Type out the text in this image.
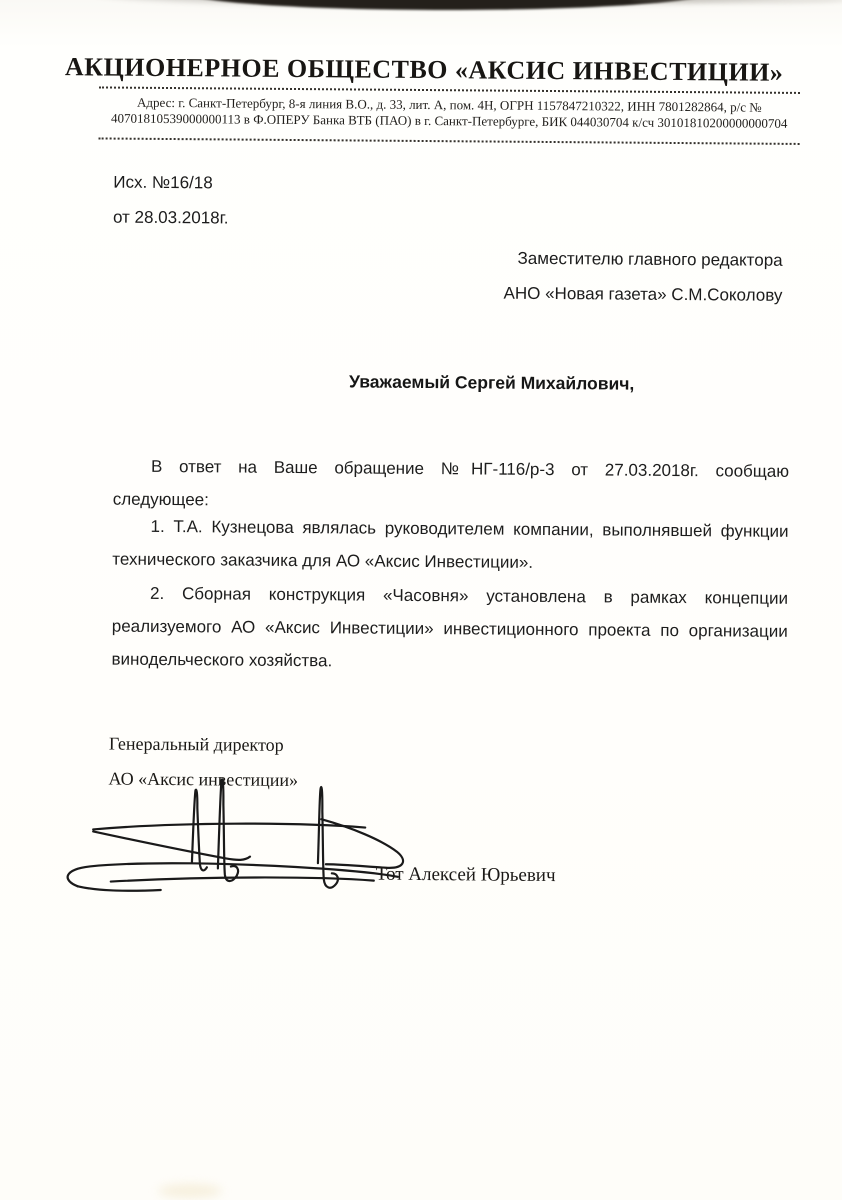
АКЦИОНЕРНОЕ ОБЩЕСТВО «АКСИС ИНВЕСТИЦИИ»
Адрес: г. Санкт-Петербург, 8-я линия В.О., д. 33, лит. А, пом. 4Н, ОГРН 1157847210322, ИНН 7801282864, р/с №
40701810539000000113 в Ф.ОПЕРУ Банка ВТБ (ПАО) в г. Санкт-Петербурге, БИК 044030704 к/сч 30101810200000000704
Исх. №16/18
от 28.03.2018г.
Заместителю главного редактора
АНО «Новая газета» С.М.Соколову
Уважаемый Сергей Михайлович,
В ответ на Ваше обращение №НГ-116/р-3 от 27.03.2018г. сообщаю
следующее:
1. Т.А. Кузнецова являлась руководителем компании, выполнявшей функции
технического заказчика для АО «Аксис Инвестиции».
2. Сборная конструкция «Часовня» установлена в рамках концепции
реализуемого АО «Аксис Инвестиции» инвестиционного проекта по организации
винодельческого хозяйства.
Генеральный директор
АО «Аксис инвестиции»
Тот Алексей Юрьевич
